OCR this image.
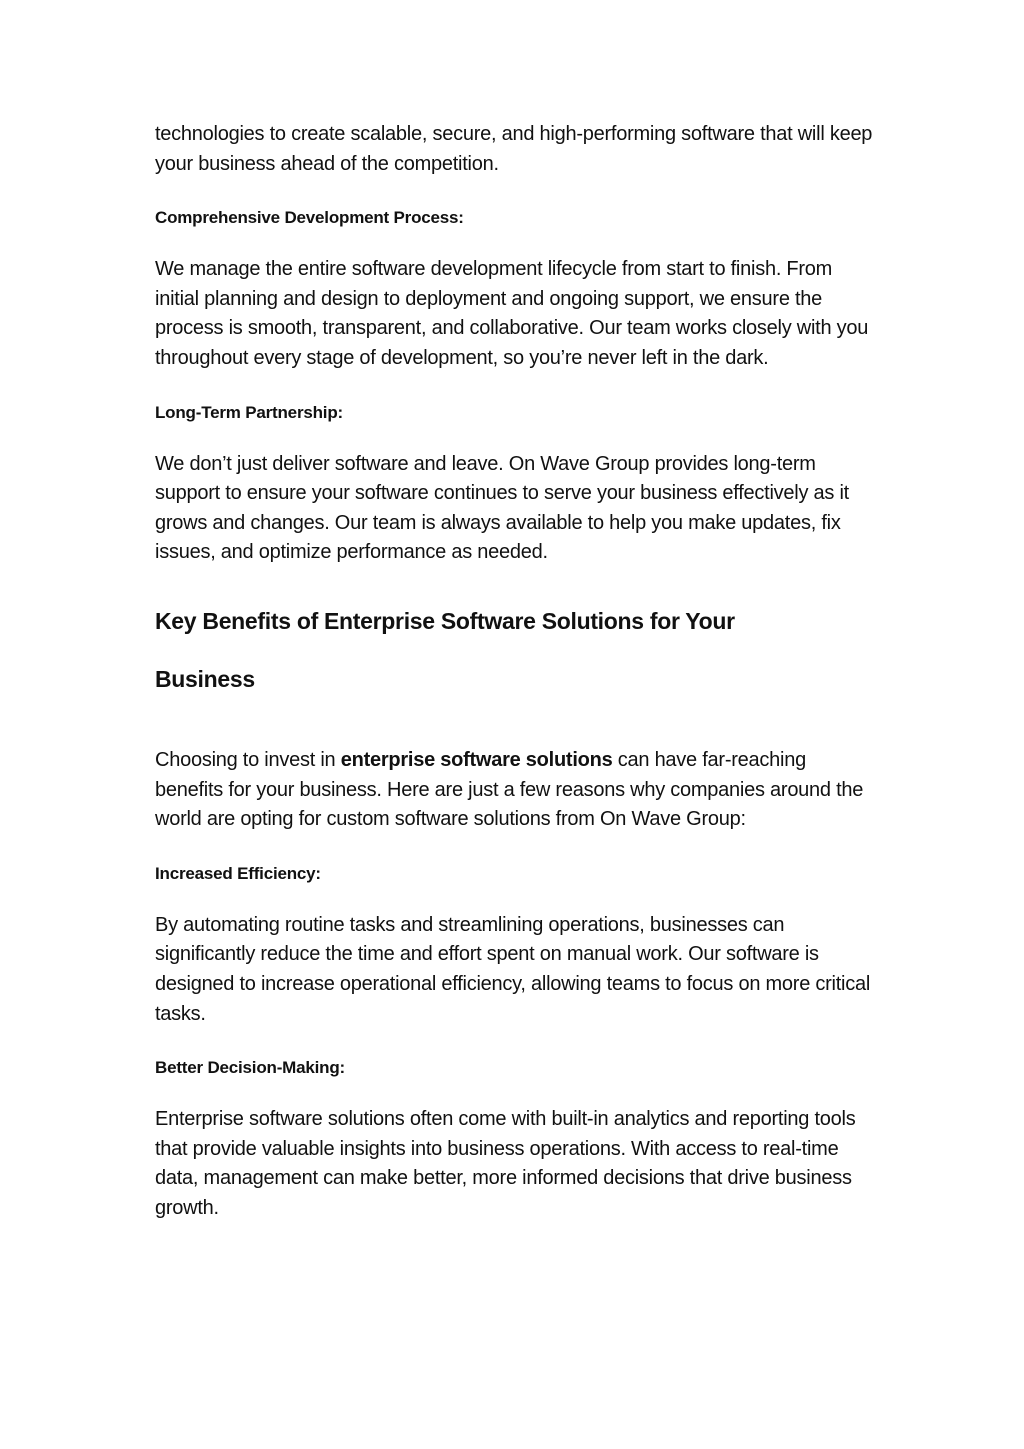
technologies to create scalable, secure, and high-performing software that will keep your business ahead of the competition.

Comprehensive Development Process:

We manage the entire software development lifecycle from start to finish. From initial planning and design to deployment and ongoing support, we ensure the process is smooth, transparent, and collaborative. Our team works closely with you throughout every stage of development, so you’re never left in the dark.

Long-Term Partnership:

We don’t just deliver software and leave. On Wave Group provides long-term support to ensure your software continues to serve your business effectively as it grows and changes. Our team is always available to help you make updates, fix issues, and optimize performance as needed.

Key Benefits of Enterprise Software Solutions for Your
Business

Choosing to invest in enterprise software solutions can have far-reaching benefits for your business. Here are just a few reasons why companies around the world are opting for custom software solutions from On Wave Group:

Increased Efficiency:

By automating routine tasks and streamlining operations, businesses can significantly reduce the time and effort spent on manual work. Our software is designed to increase operational efficiency, allowing teams to focus on more critical tasks.

Better Decision-Making:

Enterprise software solutions often come with built-in analytics and reporting tools that provide valuable insights into business operations. With access to real-time data, management can make better, more informed decisions that drive business growth.
